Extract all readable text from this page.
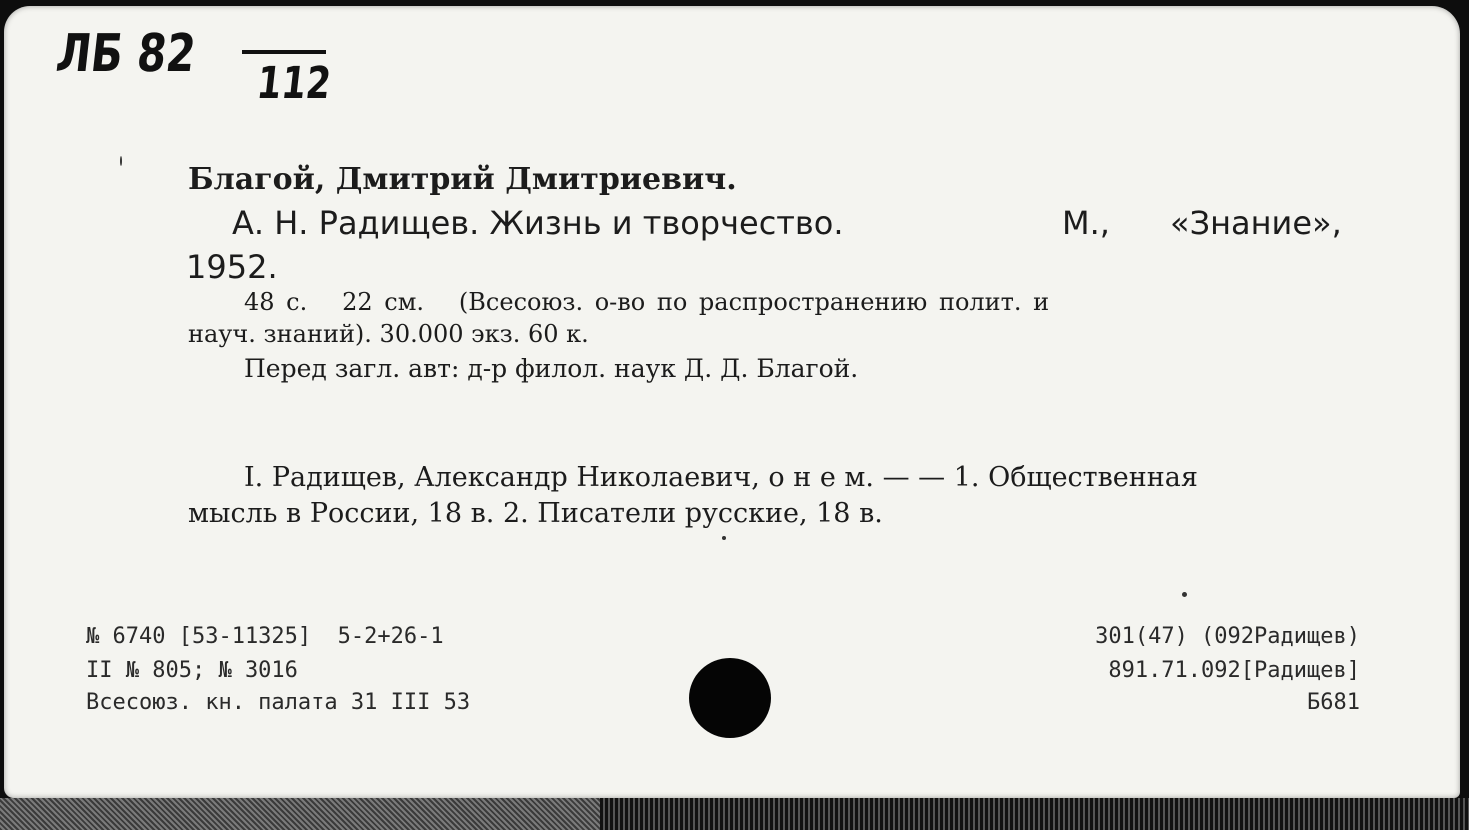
ЛБ 82 112
Благой, Дмитрий Дмитриевич.
А. Н. Радищев. Жизнь и творчество.	М., «Знание»,
1952.
48 с.   22 см.   (Всесоюз. о-во по распространению полит. и
науч. знаний). 30.000 экз. 60 к.
Перед загл. авт: д-р филол. наук Д. Д. Благой.
I. Радищев, Александр Николаевич, о н е м. — — 1. Общественная
мысль в России, 18 в. 2. Писатели русские, 18 в.
№ 6740 [53-11325]  5-2+26-1
II № 805; № 3016
Всесоюз. кн. палата 31 III 53
301(47) (092Радищев)
891.71.092[Радищев]
Б681
